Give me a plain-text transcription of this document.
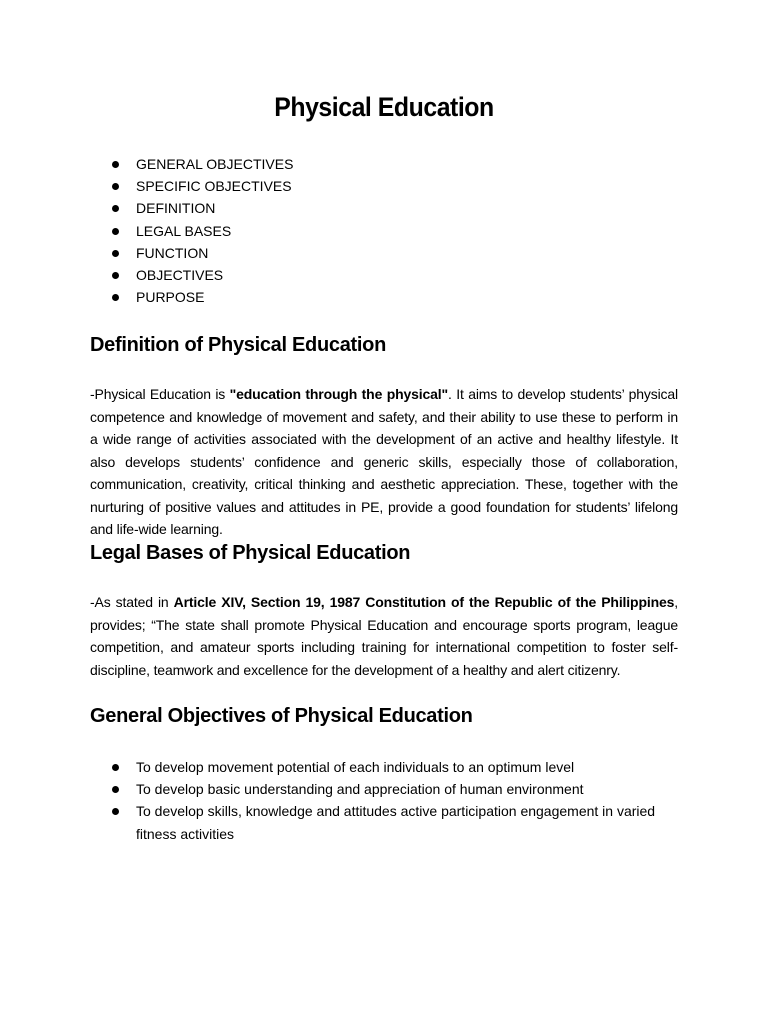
Physical Education
GENERAL OBJECTIVES
SPECIFIC OBJECTIVES
DEFINITION
LEGAL BASES
FUNCTION
OBJECTIVES
PURPOSE
Definition of Physical Education

-Physical Education is "education through the physical". It aims to develop students’ physical competence and knowledge of movement and safety, and their ability to use these to perform in a wide range of activities associated with the development of an active and healthy lifestyle. It also develops students’ confidence and generic skills, especially those of collaboration, communication, creativity, critical thinking and aesthetic appreciation. These, together with the nurturing of positive values and attitudes in PE, provide a good foundation for students’ lifelong and life-wide learning.

Legal Bases of Physical Education

-As stated in Article XIV, Section 19, 1987 Constitution of the Republic of the Philippines, provides; “The state shall promote Physical Education and encourage sports program, league competition, and amateur sports including training for international competition to foster self-discipline, teamwork and excellence for the development of a healthy and alert citizenry.

General Objectives of Physical Education
To develop movement potential of each individuals to an optimum level
To develop basic understanding and appreciation of human environment
To develop skills, knowledge and attitudes active participation engagement in varied fitness activities
